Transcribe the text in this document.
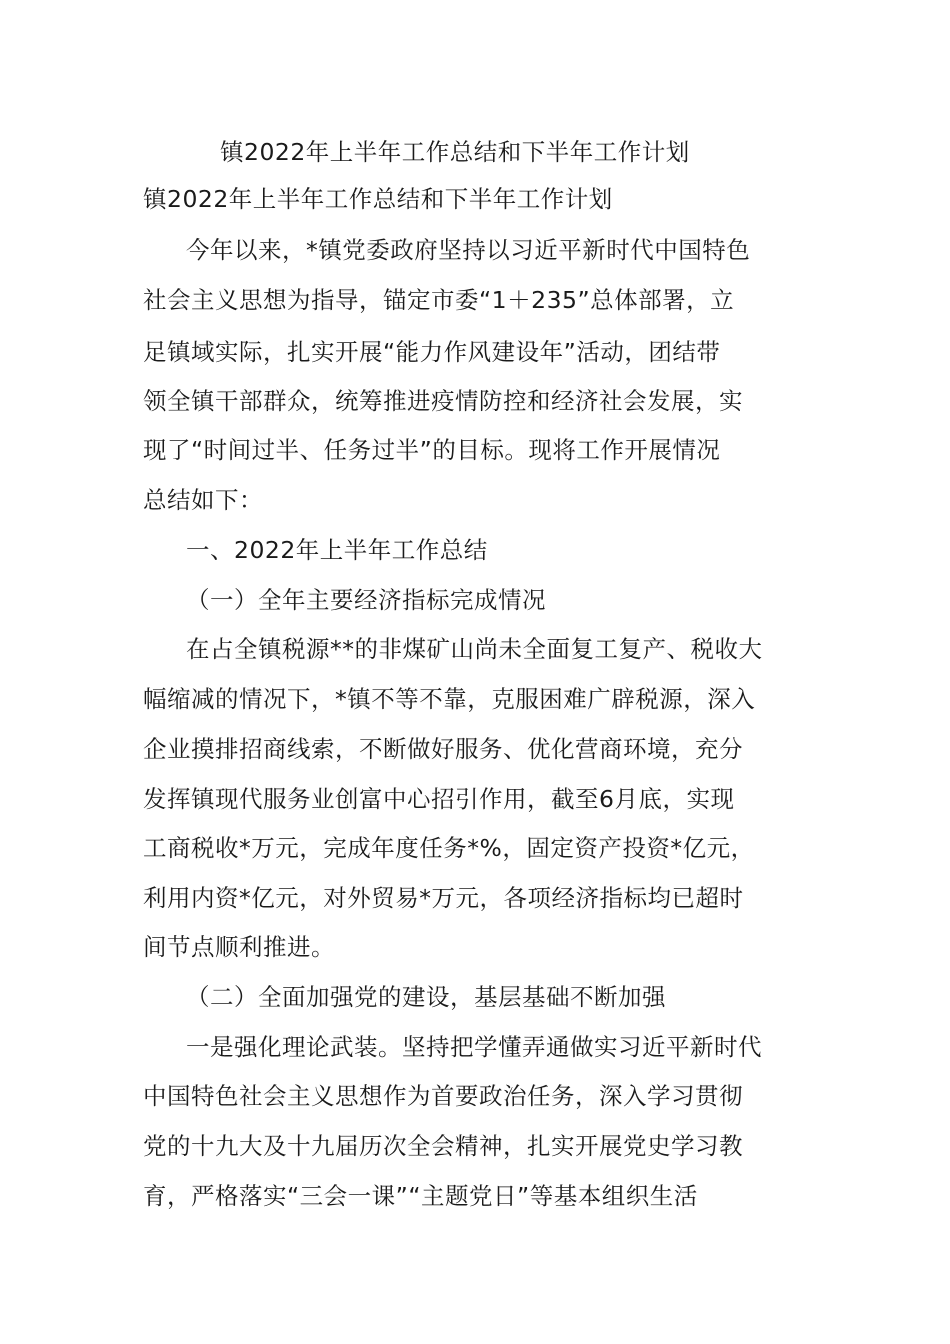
镇2022年上半年工作总结和下半年工作计划
镇2022年上半年工作总结和下半年工作计划
今年以来，*镇党委政府坚持以习近平新时代中国特色
社会主义思想为指导，锚定市委“1＋235”总体部署，立
足镇域实际，扎实开展“能力作风建设年”活动，团结带
领全镇干部群众，统筹推进疫情防控和经济社会发展，实
现了“时间过半、任务过半”的目标。现将工作开展情况
总结如下：
一、2022年上半年工作总结
（一）全年主要经济指标完成情况
在占全镇税源**的非煤矿山尚未全面复工复产、税收大
幅缩减的情况下，*镇不等不靠，克服困难广辟税源，深入
企业摸排招商线索，不断做好服务、优化营商环境，充分
发挥镇现代服务业创富中心招引作用，截至6月底，实现
工商税收*万元，完成年度任务*%，固定资产投资*亿元，
利用内资*亿元，对外贸易*万元，各项经济指标均已超时
间节点顺利推进。
（二）全面加强党的建设，基层基础不断加强
一是强化理论武装。坚持把学懂弄通做实习近平新时代
中国特色社会主义思想作为首要政治任务，深入学习贯彻
党的十九大及十九届历次全会精神，扎实开展党史学习教
育，严格落实“三会一课”“主题党日”等基本组织生活
